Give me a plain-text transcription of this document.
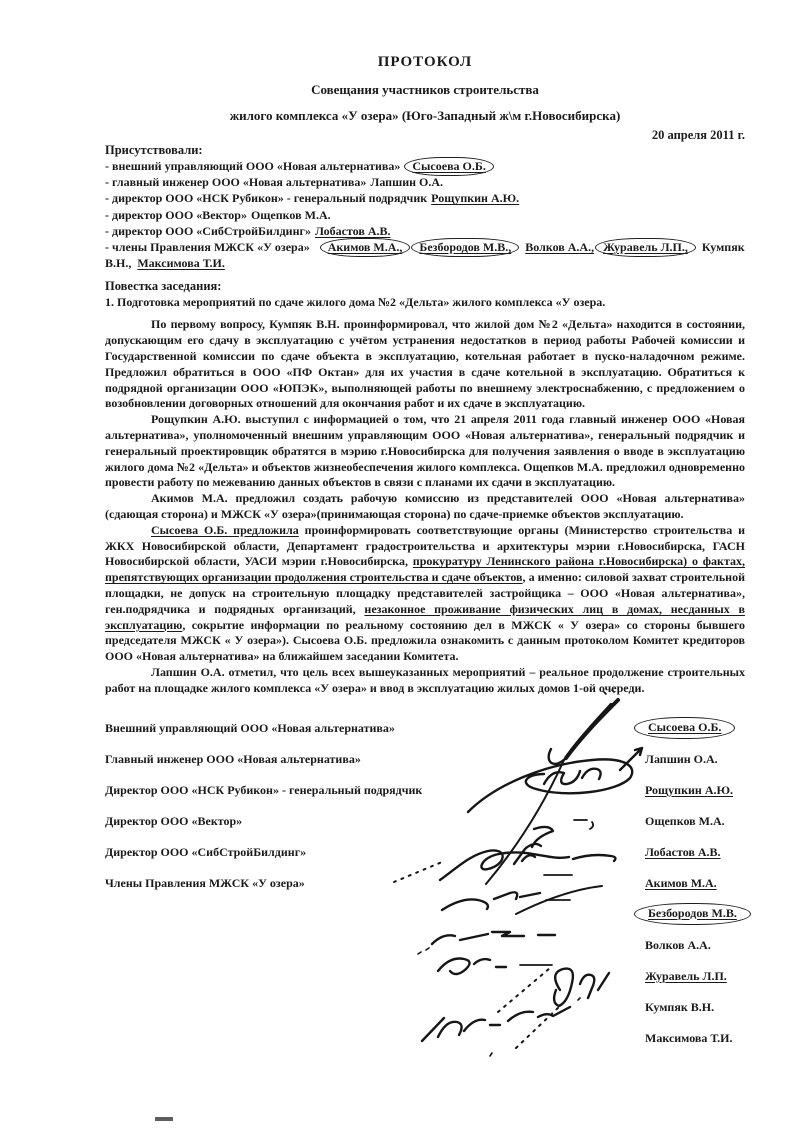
ПРОТОКОЛ

Совещания участников строительства

жилого комплекса «У озера» (Юго-Западный ж\м г.Новосибирска)

20 апреля 2011 г.

Присутствовали:

- внешний управляющий ООО «Новая альтернатива» Сысоева О.Б.
- главный инженер ООО «Новая альтернатива» Лапшин О.А.
- директор ООО «НСК Рубикон» - генеральный подрядчик Рощупкин А.Ю.
- директор ООО «Вектор» Ощепков М.А.
- директор ООО «СибСтройБилдинг» Лобастов А.В.
- члены Правления МЖСК «У озера» Акимов М.А., Безбородов М.В., Волков А.А., Журавель Л.П., Кумпяк В.Н., Максимова Т.И.

Повестка заседания:

1. Подготовка мероприятий по сдаче жилого дома №2 «Дельта» жилого комплекса «У озера.

По первому вопросу, Кумпяк В.Н. проинформировал, что жилой дом №2 «Дельта» находится в состоянии, допускающим его сдачу в эксплуатацию с учётом устранения недостатков в период работы Рабочей комиссии и Государственной комиссии по сдаче объекта в эксплуатацию, котельная работает в пуско-наладочном режиме. Предложил обратиться в ООО «ПФ Октан» для их участия в сдаче котельной в эксплуатацию. Обратиться к подрядной организации ООО «ЮПЭК», выполняющей работы по внешнему электроснабжению, с предложением о возобновлении договорных отношений для окончания работ и их сдаче в эксплуатацию.

Рощупкин А.Ю. выступил с информацией о том, что 21 апреля 2011 года главный инженер ООО «Новая альтернатива», уполномоченный внешним управляющим ООО «Новая альтернатива», генеральный подрядчик и генеральный проектировщик обратятся в мэрию г.Новосибирска для получения заявления о вводе в эксплуатацию жилого дома №2 «Дельта» и объектов жизнеобеспечения жилого комплекса. Ощепков М.А. предложил одновременно провести работу по межеванию данных объектов в связи с планами их сдачи в эксплуатацию.

Акимов М.А. предложил создать рабочую комиссию из представителей ООО «Новая альтернатива» (сдающая сторона) и МЖСК «У озера»(принимающая сторона) по сдаче-приемке объектов эксплуатацию.

Сысоева О.Б. предложила проинформировать соответствующие органы (Министерство строительства и ЖКХ Новосибирской области, Департамент градостроительства и архитектуры мэрии г.Новосибирска, ГАСН Новосибирской области, УАСИ мэрии г.Новосибирска, прокуратуру Ленинского района г.Новосибирска) о фактах, препятствующих организации продолжения строительства и сдаче объектов, а именно: силовой захват строительной площадки, не допуск на строительную площадку представителей застройщика – ООО «Новая альтернатива», ген.подрядчика и подрядных организаций, незаконное проживание физических лиц в домах, несданных в эксплуатацию, сокрытие информации по реальному состоянию дел в МЖСК « У озера» со стороны бывшего председателя МЖСК « У озера»). Сысоева О.Б. предложила ознакомить с данным протоколом Комитет кредиторов ООО «Новая альтернатива» на ближайшем заседании Комитета.

Лапшин О.А. отметил, что цель всех вышеуказанных мероприятий – реальное продолжение строительных работ на площадке жилого комплекса «У озера» и ввод в эксплуатацию жилых домов 1-ой очереди.

Внешний управляющий ООО «Новая альтернатива»	Сысоева О.Б.
Главный инженер ООО «Новая альтернатива»	Лапшин О.А.
Директор ООО «НСК Рубикон» - генеральный подрядчик	Рощупкин А.Ю.
Директор ООО «Вектор»	Ощепков М.А.
Директор ООО «СибСтройБилдинг»	Лобастов А.В.
Члены Правления МЖСК «У озера»	Акимов М.А.
Безбородов М.В.
Волков А.А.
Журавель Л.П.
Кумпяк В.Н.
Максимова Т.И.
